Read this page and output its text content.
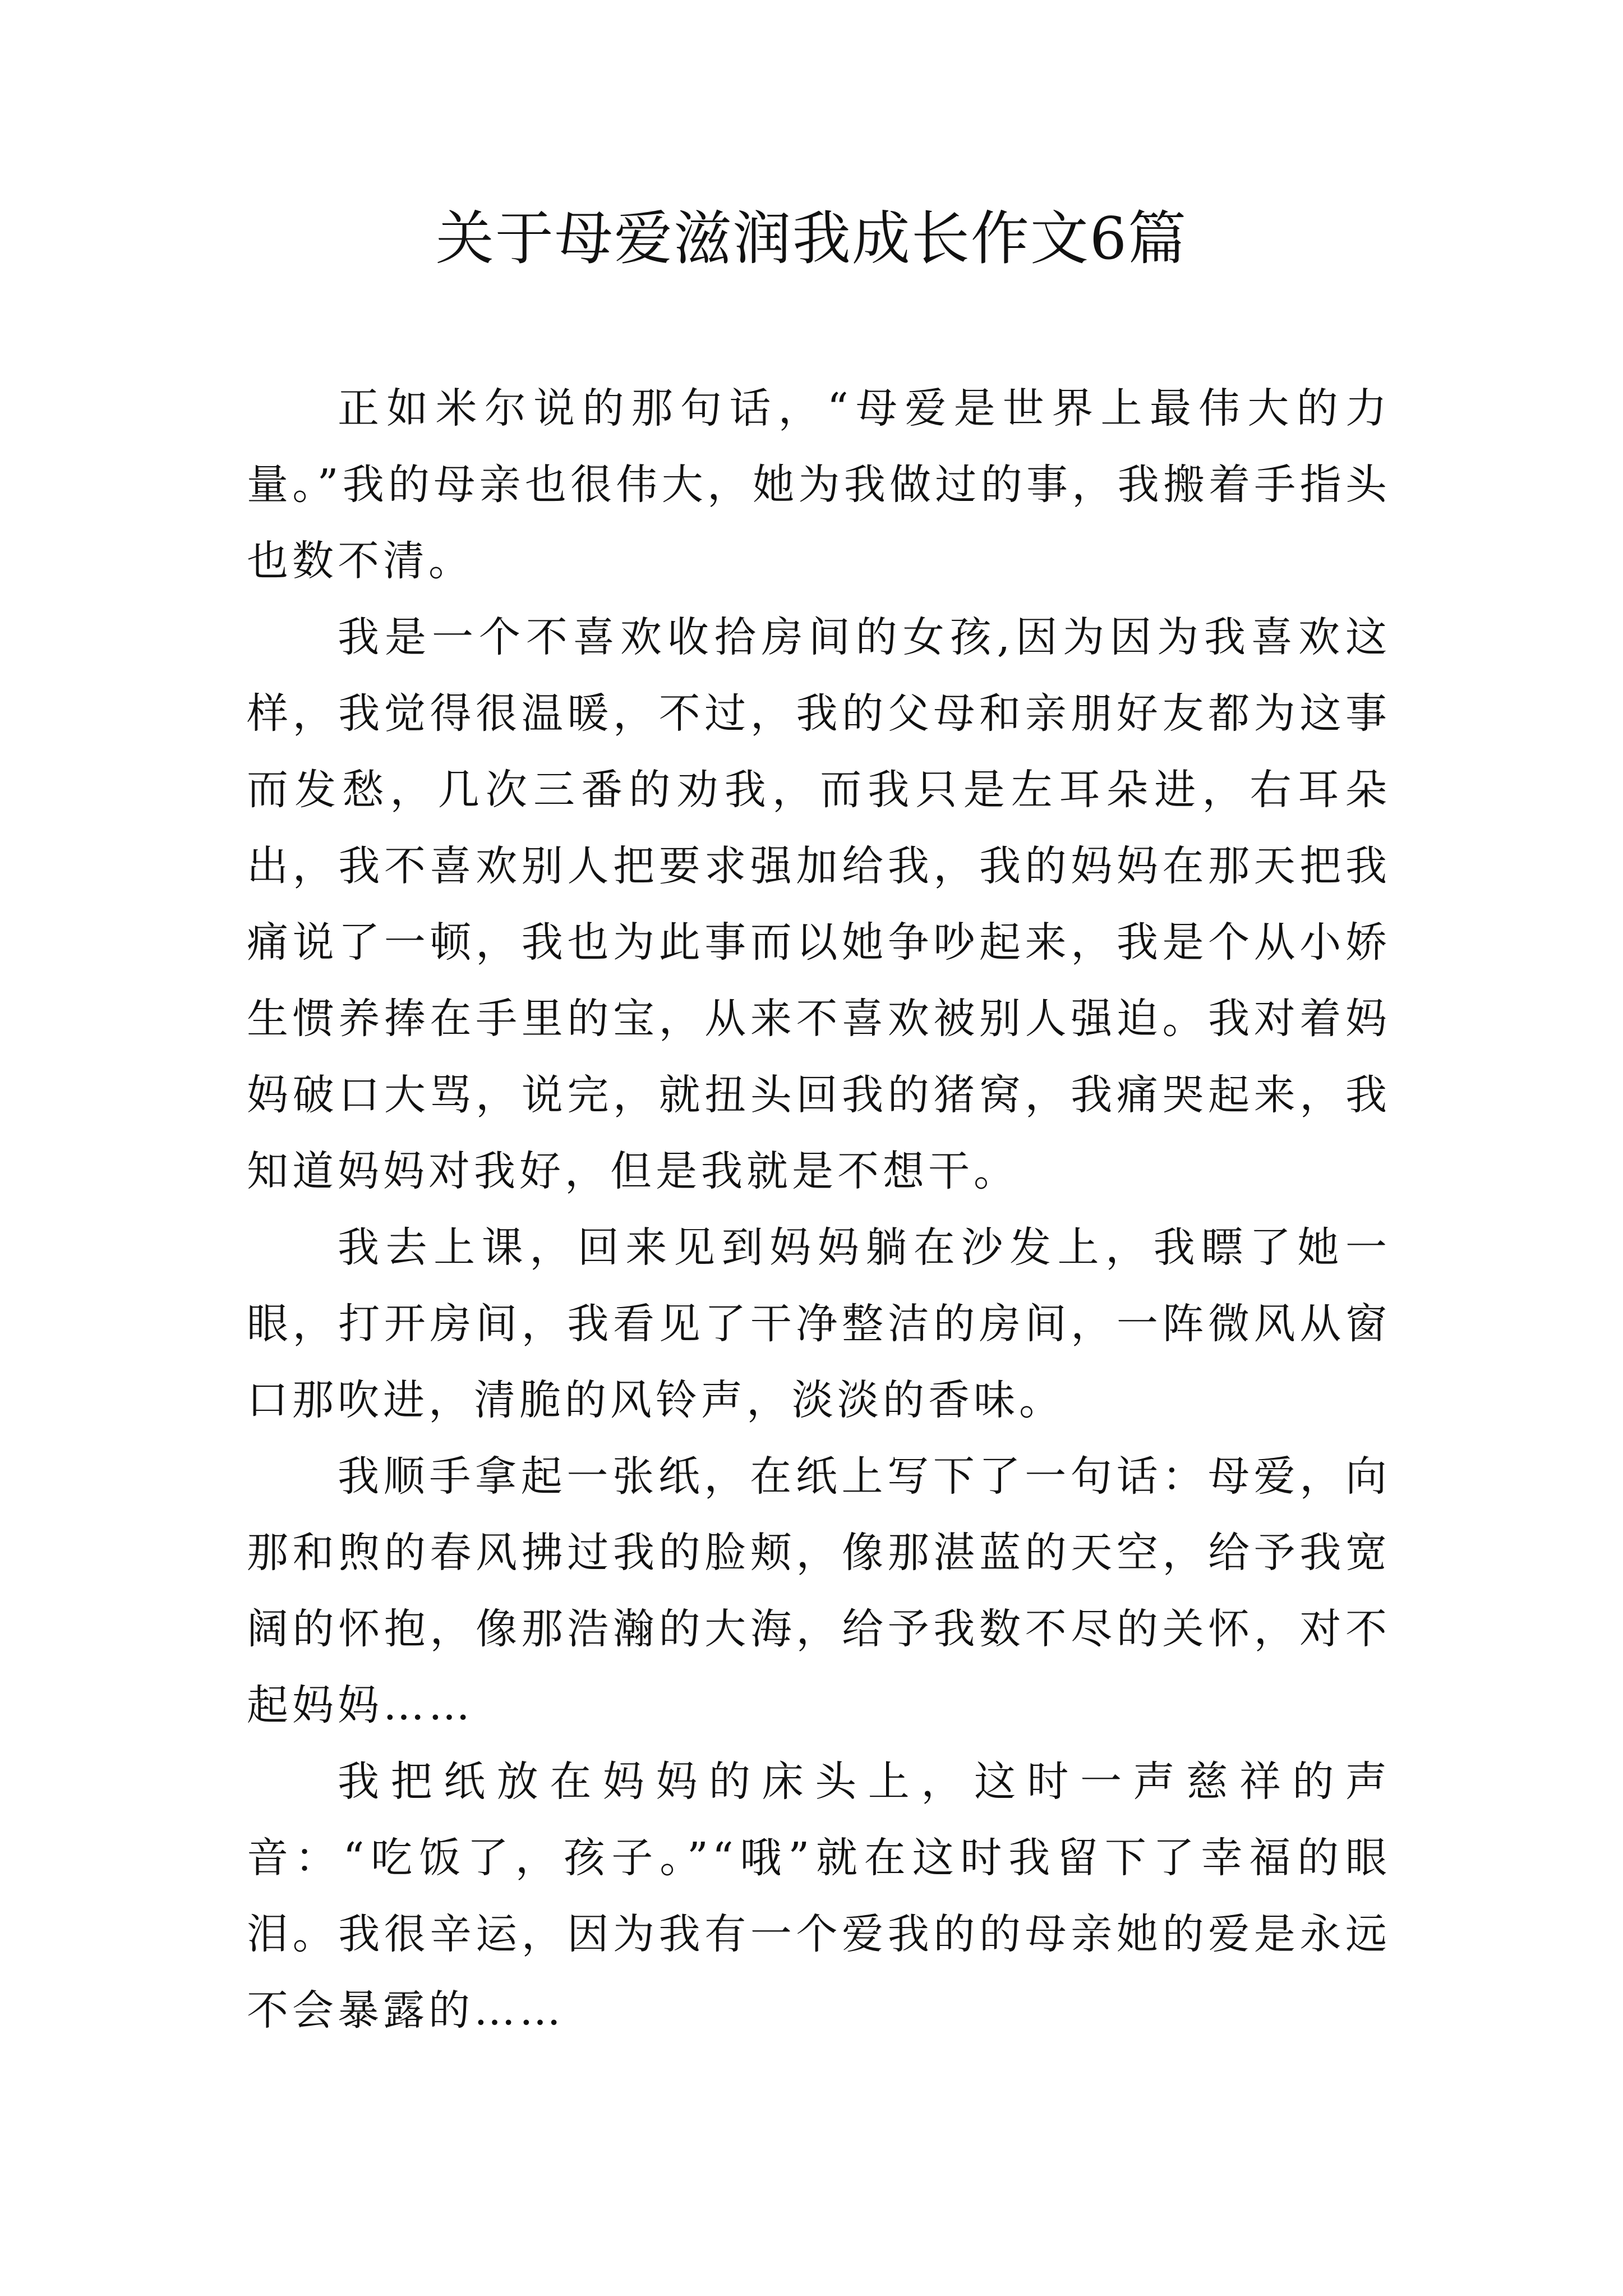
关于母爱滋润我成长作文6篇

正如米尔说的那句话，“母爱是世界上最伟大的力量。”我的母亲也很伟大，她为我做过的事，我搬着手指头也数不清。

我是一个不喜欢收拾房间的女孩,因为因为我喜欢这样，我觉得很温暖，不过，我的父母和亲朋好友都为这事而发愁，几次三番的劝我，而我只是左耳朵进，右耳朵出，我不喜欢别人把要求强加给我，我的妈妈在那天把我痛说了一顿，我也为此事而以她争吵起来，我是个从小娇生惯养捧在手里的宝，从来不喜欢被别人强迫。我对着妈妈破口大骂，说完，就扭头回我的猪窝，我痛哭起来，我知道妈妈对我好，但是我就是不想干。

我去上课，回来见到妈妈躺在沙发上，我瞟了她一眼，打开房间，我看见了干净整洁的房间，一阵微风从窗口那吹进，清脆的风铃声，淡淡的香味。

我顺手拿起一张纸，在纸上写下了一句话：母爱，向那和煦的春风拂过我的脸颊，像那湛蓝的天空，给予我宽阔的怀抱，像那浩瀚的大海，给予我数不尽的关怀，对不起妈妈……

我把纸放在妈妈的床头上，这时一声慈祥的声音：“吃饭了，孩子。”“哦”就在这时我留下了幸福的眼泪。我很辛运，因为我有一个爱我的的母亲她的爱是永远不会暴露的……
